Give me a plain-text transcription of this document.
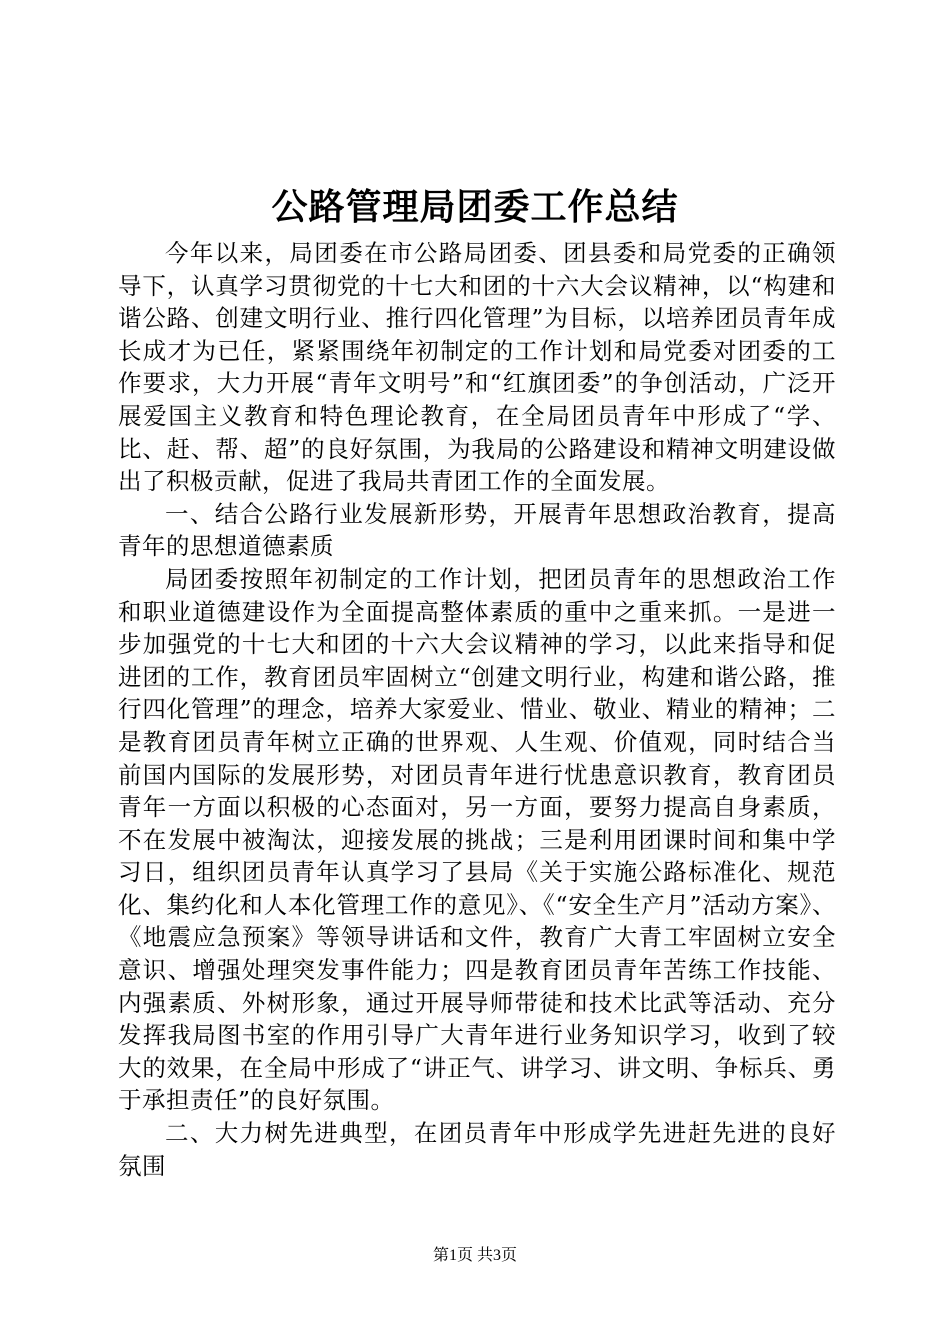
公路管理局团委工作总结

今年以来，局团委在市公路局团委、团县委和局党委的正确领导下，认真学习贯彻党的十七大和团的十六大会议精神，以“构建和谐公路、创建文明行业、推行四化管理”为目标，以培养团员青年成长成才为已任，紧紧围绕年初制定的工作计划和局党委对团委的工作要求，大力开展“青年文明号”和“红旗团委”的争创活动，广泛开展爱国主义教育和特色理论教育，在全局团员青年中形成了“学、比、赶、帮、超”的良好氛围，为我局的公路建设和精神文明建设做出了积极贡献，促进了我局共青团工作的全面发展。

一、结合公路行业发展新形势，开展青年思想政治教育，提高青年的思想道德素质

局团委按照年初制定的工作计划，把团员青年的思想政治工作和职业道德建设作为全面提高整体素质的重中之重来抓。一是进一步加强党的十七大和团的十六大会议精神的学习，以此来指导和促进团的工作，教育团员牢固树立“创建文明行业，构建和谐公路，推行四化管理”的理念，培养大家爱业、惜业、敬业、精业的精神；二是教育团员青年树立正确的世界观、人生观、价值观，同时结合当前国内国际的发展形势，对团员青年进行忧患意识教育，教育团员青年一方面以积极的心态面对，另一方面，要努力提高自身素质，不在发展中被淘汰，迎接发展的挑战；三是利用团课时间和集中学习日，组织团员青年认真学习了县局《关于实施公路标准化、规范化、集约化和人本化管理工作的意见》、《“安全生产月”活动方案》、《地震应急预案》等领导讲话和文件，教育广大青工牢固树立安全意识、增强处理突发事件能力；四是教育团员青年苦练工作技能、内强素质、外树形象，通过开展导师带徒和技术比武等活动、充分发挥我局图书室的作用引导广大青年进行业务知识学习，收到了较大的效果，在全局中形成了“讲正气、讲学习、讲文明、争标兵、勇于承担责任”的良好氛围。

二、大力树先进典型，在团员青年中形成学先进赶先进的良好氛围

第1页 共3页
